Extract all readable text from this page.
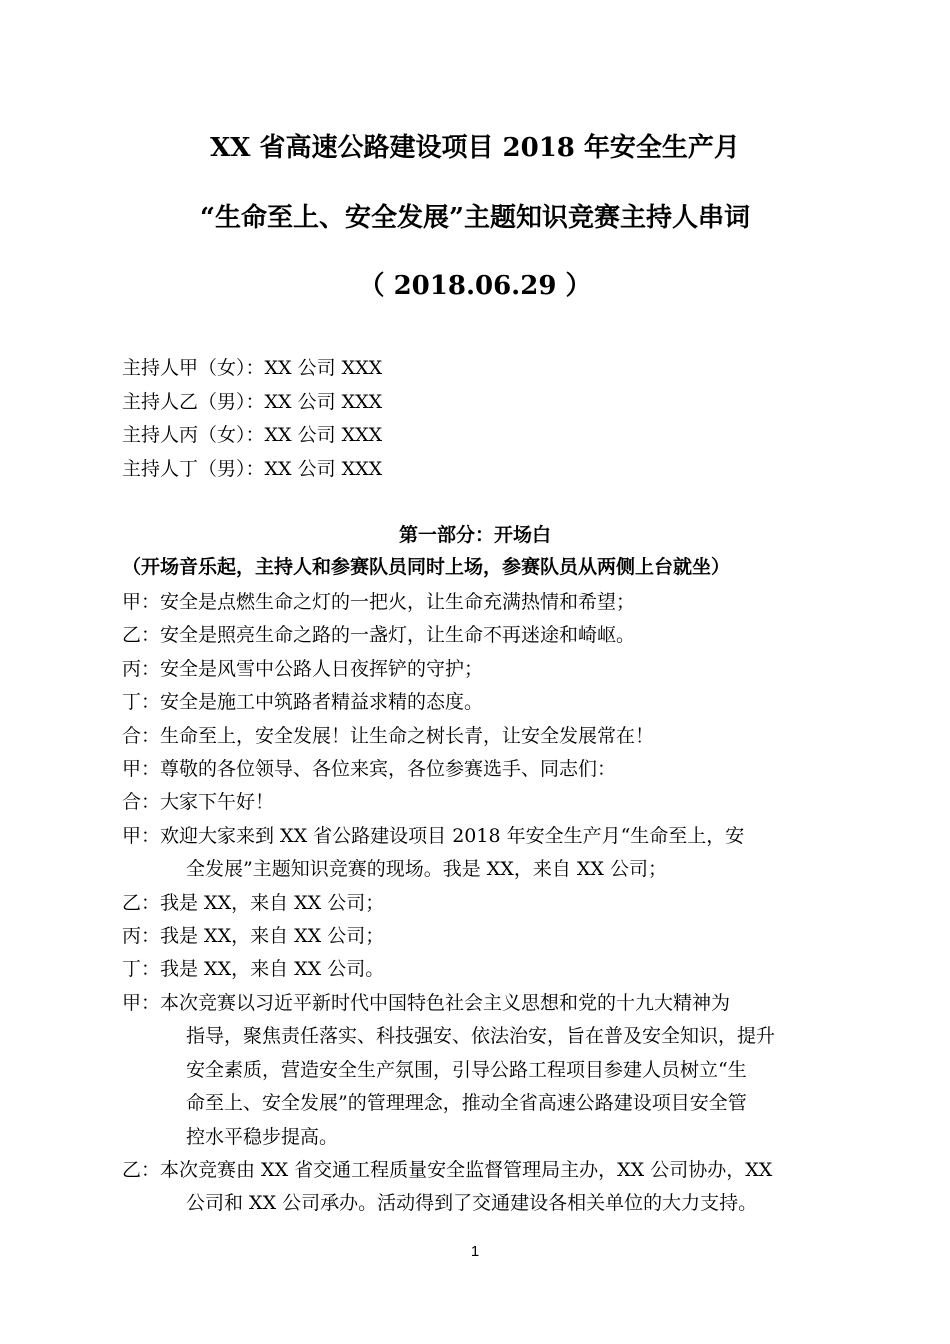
XX 省高速公路建设项目 2018 年安全生产月
“生命至上、安全发展”主题知识竞赛主持人串词
（ 2018.06.29 ）
主持人甲（女）：XX 公司 XXX
主持人乙（男）：XX 公司 XXX
主持人丙（女）：XX 公司 XXX
主持人丁（男）：XX 公司 XXX
第一部分：开场白
（开场音乐起，主持人和参赛队员同时上场，参赛队员从两侧上台就坐）
甲： 安全是点燃生命之灯的一把火，让生命充满热情和希望；
乙： 安全是照亮生命之路的一盏灯，让生命不再迷途和崎岖。
丙： 安全是风雪中公路人日夜挥铲的守护；
丁： 安全是施工中筑路者精益求精的态度。
合： 生命至上，安全发展！让生命之树长青，让安全发展常在！
甲： 尊敬的各位领导、各位来宾，各位参赛选手、同志们：
合： 大家下午好！
甲： 欢迎大家来到 XX 省公路建设项目 2018 年安全生产月“生命至上，安
全发展”主题知识竞赛的现场。我是 XX，来自 XX 公司；
乙： 我是 XX，来自 XX 公司；
丙： 我是 XX，来自 XX 公司；
丁： 我是 XX，来自 XX 公司。
甲： 本次竞赛以习近平新时代中国特色社会主义思想和党的十九大精神为
指导，聚焦责任落实、科技强安、依法治安，旨在普及安全知识，提升
安全素质，营造安全生产氛围，引导公路工程项目参建人员树立“生
命至上、安全发展”的管理理念，推动全省高速公路建设项目安全管
控水平稳步提高。
乙： 本次竞赛由 XX 省交通工程质量安全监督管理局主办，XX 公司协办，XX
公司和 XX 公司承办。活动得到了交通建设各相关单位的大力支持。
1
